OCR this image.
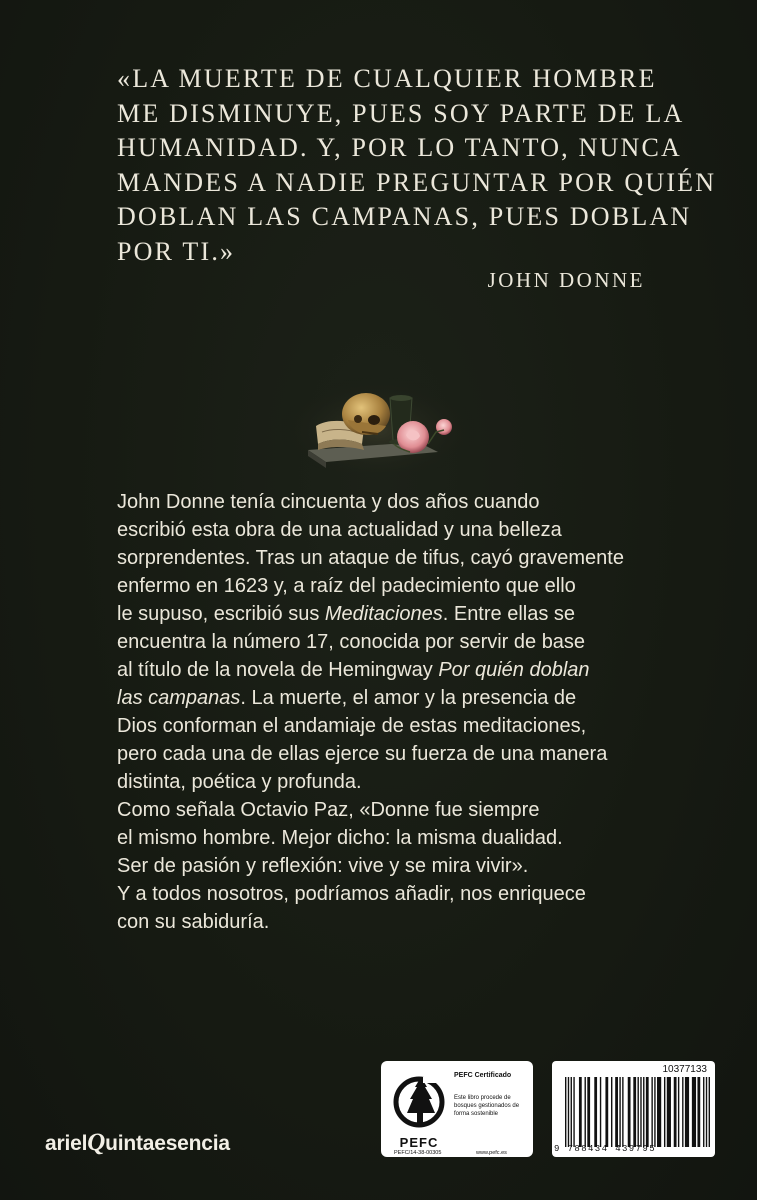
«LA MUERTE DE CUALQUIER HOMBRE
ME DISMINUYE, PUES SOY PARTE DE LA
HUMANIDAD. Y, POR LO TANTO, NUNCA
MANDES A NADIE PREGUNTAR POR QUIÉN
DOBLAN LAS CAMPANAS, PUES DOBLAN
POR TI.»
JOHN DONNE
John Donne tenía cincuenta y dos años cuando
escribió esta obra de una actualidad y una belleza
sorprendentes. Tras un ataque de tifus, cayó gravemente
enfermo en 1623 y, a raíz del padecimiento que ello
le supuso, escribió sus Meditaciones. Entre ellas se
encuentra la número 17, conocida por servir de base
al título de la novela de Hemingway Por quién doblan
las campanas. La muerte, el amor y la presencia de
Dios conforman el andamiaje de estas meditaciones,
pero cada una de ellas ejerce su fuerza de una manera
distinta, poética y profunda.
Como señala Octavio Paz, «Donne fue siempre
el mismo hombre. Mejor dicho: la misma dualidad.
Ser de pasión y reflexión: vive y se mira vivir».
Y a todos nosotros, podríamos añadir, nos enriquece
con su sabiduría.
arielQuintaesencia	PEFC
PEFC Certificado
Este libro procede de bosques gestionados de forma sostenible
PEFC/14-38-00305	www.pefc.es
10377133
9 788434 439795
